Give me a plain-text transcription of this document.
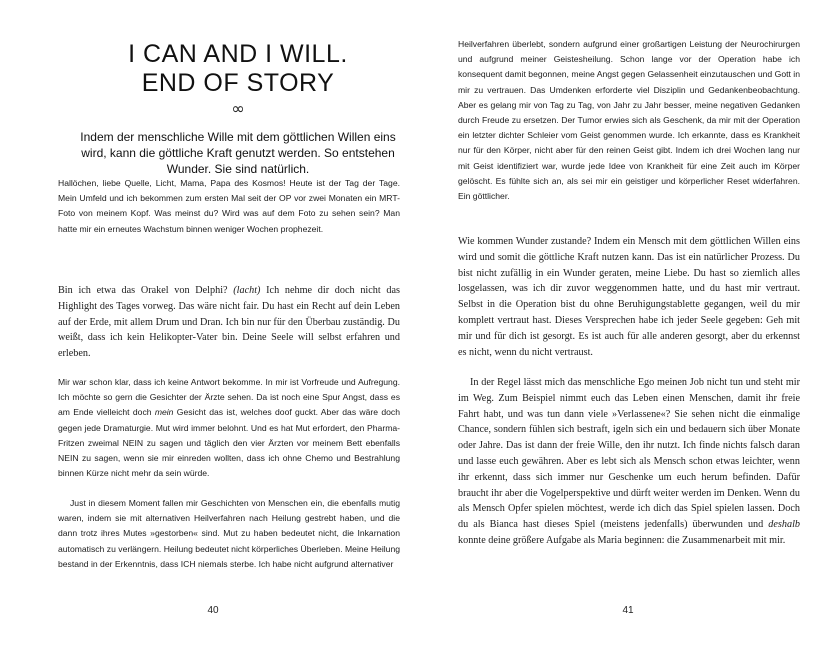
I CAN AND I WILL.
END OF STORY
∞

Indem der menschliche Wille mit dem göttlichen Willen eins wird, kann die göttliche Kraft genutzt werden. So entstehen Wunder. Sie sind natürlich.

Hallöchen, liebe Quelle, Licht, Mama, Papa des Kosmos! Heute ist der Tag der Tage. Mein Umfeld und ich bekommen zum ersten Mal seit der OP vor zwei Monaten ein MRT-Foto von meinem Kopf. Was meinst du? Wird was auf dem Foto zu sehen sein? Man hatte mir ein erneutes Wachstum binnen weniger Wochen prophezeit.

Bin ich etwa das Orakel von Delphi? (lacht) Ich nehme dir doch nicht das Highlight des Tages vorweg. Das wäre nicht fair. Du hast ein Recht auf dein Leben auf der Erde, mit allem Drum und Dran. Ich bin nur für den Überbau zuständig. Du weißt, dass ich kein Helikopter-Vater bin. Deine Seele will selbst erfahren und erleben.

Mir war schon klar, dass ich keine Antwort bekomme. In mir ist Vorfreude und Aufregung. Ich möchte so gern die Gesichter der Ärzte sehen. Da ist noch eine Spur Angst, dass es am Ende vielleicht doch mein Gesicht das ist, welches doof guckt. Aber das wäre doch gegen jede Dramaturgie. Mut wird immer belohnt. Und es hat Mut erfordert, den Pharma-Fritzen zweimal NEIN zu sagen und täglich den vier Ärzten vor meinem Bett ebenfalls NEIN zu sagen, wenn sie mir einreden wollten, dass ich ohne Chemo und Bestrahlung binnen Kürze nicht mehr da sein würde.

Just in diesem Moment fallen mir Geschichten von Menschen ein, die ebenfalls mutig waren, indem sie mit alternativen Heilverfahren nach Heilung gestrebt haben, und die dann trotz ihres Mutes »gestorben« sind. Mut zu haben bedeutet nicht, die Inkarnation automatisch zu verlängern. Heilung bedeutet nicht körperliches Überleben. Meine Heilung bestand in der Erkenntnis, dass ICH niemals sterbe. Ich habe nicht aufgrund alternativer

40

Heilverfahren überlebt, sondern aufgrund einer großartigen Leistung der Neurochirurgen und aufgrund meiner Geistesheilung. Schon lange vor der Operation habe ich konsequent damit begonnen, meine Angst gegen Gelassenheit einzutauschen und Gott in mir zu vertrauen. Das Umdenken erforderte viel Disziplin und Gedankenbeobachtung. Aber es gelang mir von Tag zu Tag, von Jahr zu Jahr besser, meine negativen Gedanken durch Freude zu ersetzen. Der Tumor erwies sich als Geschenk, da mir mit der Operation ein letzter dichter Schleier vom Geist genommen wurde. Ich erkannte, dass es Krankheit nur für den Körper, nicht aber für den reinen Geist gibt. Indem ich drei Wochen lang nur mit Geist identifiziert war, wurde jede Idee von Krankheit für eine Zeit auch im Körper gelöscht. Es fühlte sich an, als sei mir ein geistiger und körperlicher Reset widerfahren. Ein göttlicher.

Wie kommen Wunder zustande? Indem ein Mensch mit dem göttlichen Willen eins wird und somit die göttliche Kraft nutzen kann. Das ist ein natürlicher Prozess. Du bist nicht zufällig in ein Wunder geraten, meine Liebe. Du hast so ziemlich alles losgelassen, was ich dir zuvor weggenommen hatte, und du hast mir vertraut. Selbst in die Operation bist du ohne Beruhigungstablette gegangen, weil du mir komplett vertraut hast. Dieses Versprechen habe ich jeder Seele gegeben: Geh mit mir und für dich ist gesorgt. Es ist auch für alle anderen gesorgt, aber du erkennst es nicht, wenn du nicht vertraust.

In der Regel lässt mich das menschliche Ego meinen Job nicht tun und steht mir im Weg. Zum Beispiel nimmt euch das Leben einen Menschen, damit ihr freie Fahrt habt, und was tun dann viele »Verlassene«? Sie sehen nicht die einmalige Chance, sondern fühlen sich bestraft, igeln sich ein und bedauern sich über Monate oder Jahre. Das ist dann der freie Wille, den ihr nutzt. Ich finde nichts falsch daran und lasse euch gewähren. Aber es lebt sich als Mensch schon etwas leichter, wenn ihr erkennt, dass sich immer nur Geschenke um euch herum befinden. Dafür braucht ihr aber die Vogelperspektive und dürft weiter werden im Denken. Wenn du als Mensch Opfer spielen möchtest, werde ich dich das Spiel spielen lassen. Doch du als Bianca hast dieses Spiel (meistens jedenfalls) überwunden und deshalb konnte deine größere Aufgabe als Maria beginnen: die Zusammenarbeit mit mir.

41
